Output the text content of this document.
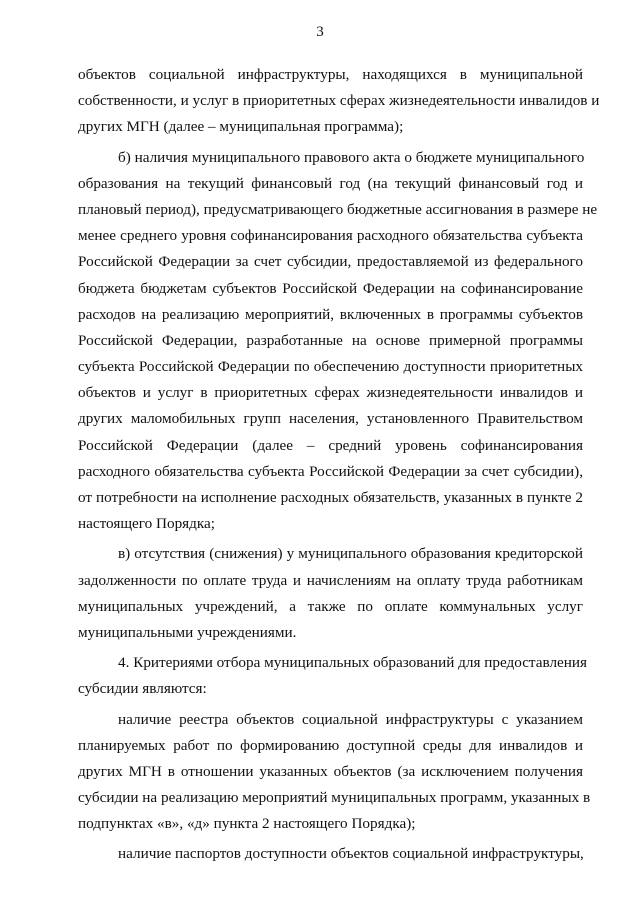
3
объектов социальной инфраструктуры, находящихся в муниципальной
собственности, и услуг в приоритетных сферах жизнедеятельности инвалидов и
других МГН (далее – муниципальная программа);
б) наличия муниципального правового акта о бюджете муниципального
образования на текущий финансовый год (на текущий финансовый год и
плановый период), предусматривающего бюджетные ассигнования в размере не
менее среднего уровня софинансирования расходного обязательства субъекта
Российской Федерации за счет субсидии, предоставляемой из федерального
бюджета бюджетам субъектов Российской Федерации на софинансирование
расходов на реализацию мероприятий, включенных в программы субъектов
Российской Федерации, разработанные на основе примерной программы
субъекта Российской Федерации по обеспечению доступности приоритетных
объектов и услуг в приоритетных сферах жизнедеятельности инвалидов и
других маломобильных групп населения, установленного Правительством
Российской Федерации (далее – средний уровень софинансирования
расходного обязательства субъекта Российской Федерации за счет субсидии),
от потребности на исполнение расходных обязательств, указанных в пункте 2
настоящего Порядка;
в) отсутствия (снижения) у муниципального образования кредиторской
задолженности по оплате труда и начислениям на оплату труда работникам
муниципальных учреждений, а также по оплате коммунальных услуг
муниципальными учреждениями.
4. Критериями отбора муниципальных образований для предоставления
субсидии являются:
наличие реестра объектов социальной инфраструктуры с указанием
планируемых работ по формированию доступной среды для инвалидов и
других МГН в отношении указанных объектов (за исключением получения
субсидии на реализацию мероприятий муниципальных программ, указанных в
подпунктах «в», «д» пункта 2 настоящего Порядка);
наличие паспортов доступности объектов социальной инфраструктуры,
